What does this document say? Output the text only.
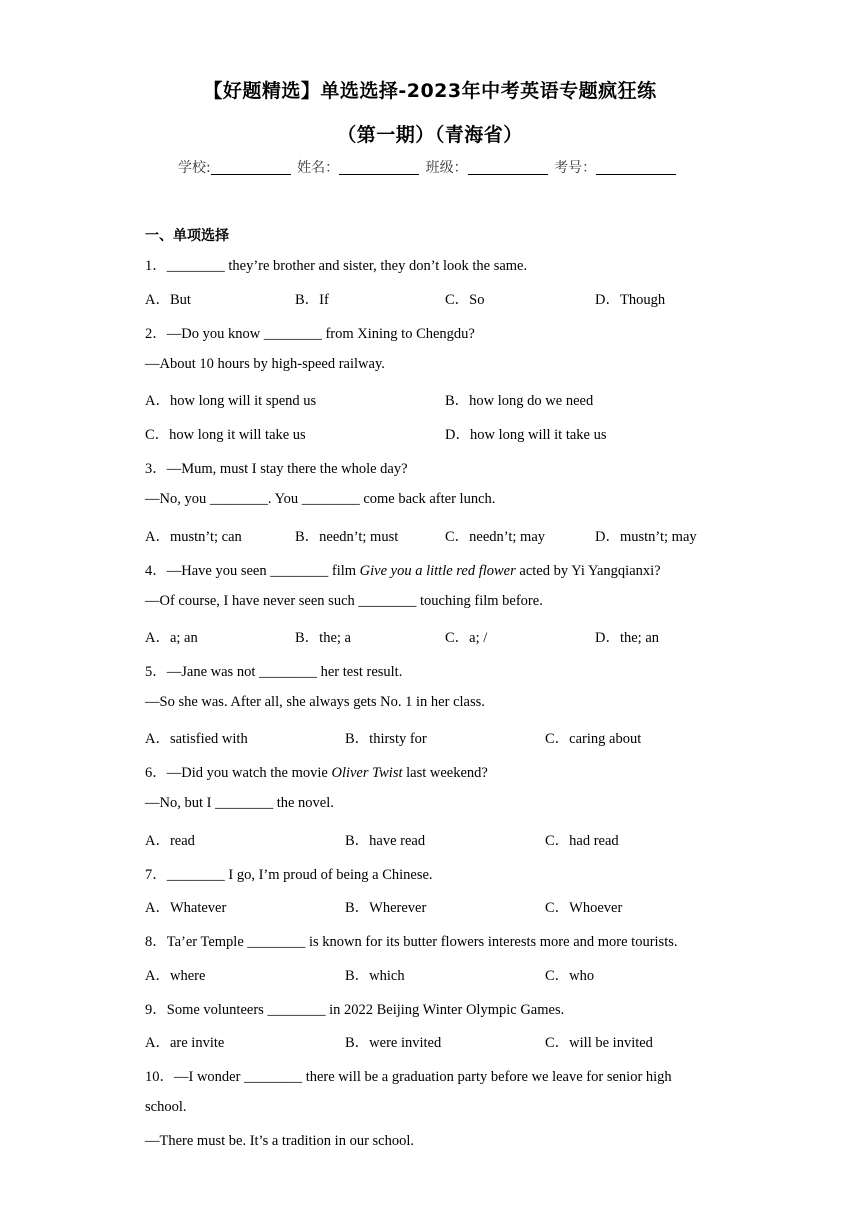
【好题精选】单选选择-2023年中考英语专题疯狂练
（第一期）（青海省）
学校:	姓名：	班级：	考号：
一、单项选择
1．________ they’re brother and sister, they don’t look the same.
A．But	B．If	C．So	D．Though
2．—Do you know ________ from Xining to Chengdu?
—About 10 hours by high-speed railway.
A．how long will it spend us	B．how long do we need
C．how long it will take us	D．how long will it take us
3．—Mum, must I stay there the whole day?
—No, you ________. You ________ come back after lunch.
A．mustn’t; can	B．needn’t; must	C．needn’t; may	D．mustn’t; may
4．—Have you seen ________ film Give you a little red flower acted by Yi Yangqianxi?
—Of course, I have never seen such ________ touching film before.
A．a; an	B．the; a	C．a; /	D．the; an
5．—Jane was not ________ her test result.
—So she was. After all, she always gets No. 1 in her class.
A．satisfied with	B．thirsty for	C．caring about
6．—Did you watch the movie Oliver Twist last weekend?
—No, but I ________ the novel.
A．read	B．have read	C．had read
7．________ I go, I’m proud of being a Chinese.
A．Whatever	B．Wherever	C．Whoever
8．Ta’er Temple ________ is known for its butter flowers interests more and more tourists.
A．where	B．which	C．who
9．Some volunteers ________ in 2022 Beijing Winter Olympic Games.
A．are invite	B．were invited	C．will be invited
10．—I wonder ________ there will be a graduation party before we leave for senior high
school.
—There must be. It’s a tradition in our school.
